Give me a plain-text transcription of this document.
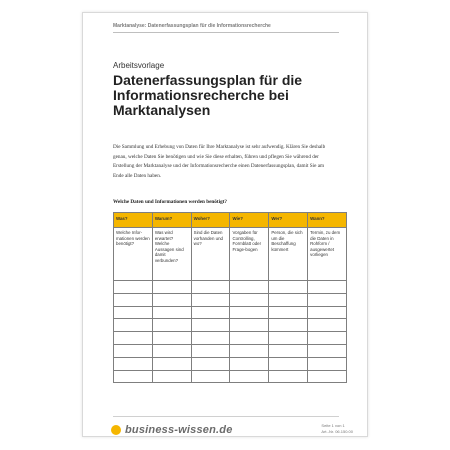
Marktanalyse: Datenerfassungsplan für die Informationsrecherche
Arbeitsvorlage
Datenerfassungsplan für die Informationsrecherche bei Marktanalysen
Die Sammlung und Erhebung von Daten für Ihre Marktanalyse ist sehr aufwendig. Klären Sie deshalb genau, welche Daten Sie benötigen und wie Sie diese erhalten, führen und pflegen Sie während der Erstellung der Marktanalyse und der Informationsrecherche einen Datenerfassungsplan, damit Sie am Ende alle Daten haben.
Welche Daten und Informationen werden benötigt?
Was?	Warum?	Woher?	Wie?	Wer?	Wann?
Welche Infor-mationen werden benötigt?	Was wird erwartet? Welche Aussagen sind damit verbunden?	Sind die Daten vorhanden und wo?	Vorgaben für Controlling, Formblatt oder Frage-bogen	Person, die sich um die Beschaffung kümmert	Termin, zu dem die Daten in Rohform / ausgewertet vorliegen

business-wissen.de	Seite 1 von 1
Art.-Nr. 06.150.00
